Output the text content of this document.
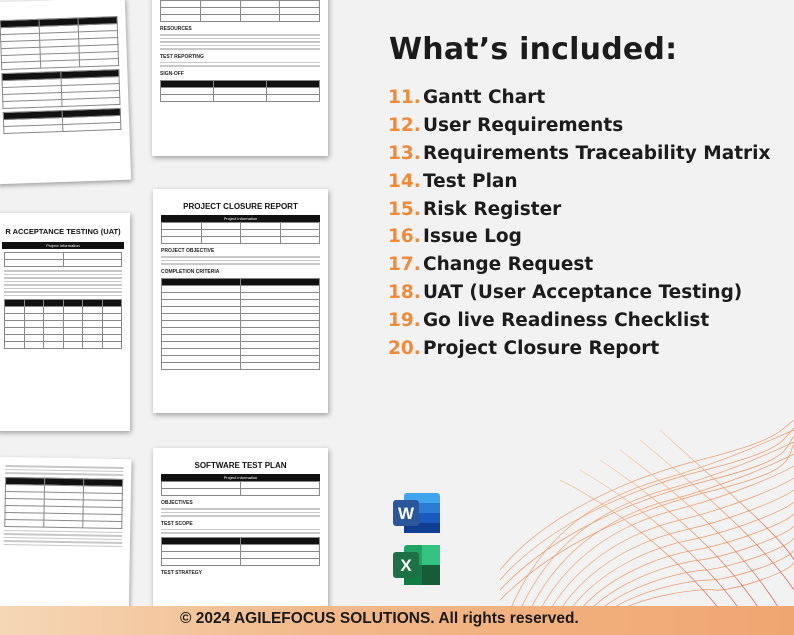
R ACCEPTANCE TESTING (UAT)
Project Information

RESOURCES
TEST REPORTING
SIGN-OFF

PROJECT CLOSURE REPORT
Project Information

PROJECT OBJECTIVE
COMPLETION CRITERIA

SOFTWARE TEST PLAN
Project Information

OBJECTIVES
TEST SCOPE

TEST STRATEGY
What’s included:
11. Gantt Chart
12. User Requirements
13. Requirements Traceability Matrix
14. Test Plan
15. Risk Register
16. Issue Log
17. Change Request
18. UAT (User Acceptance Testing)
19. Go live Readiness Checklist
20. Project Closure Report
W
X
© 2024 AGILEFOCUS SOLUTIONS. All rights reserved.
